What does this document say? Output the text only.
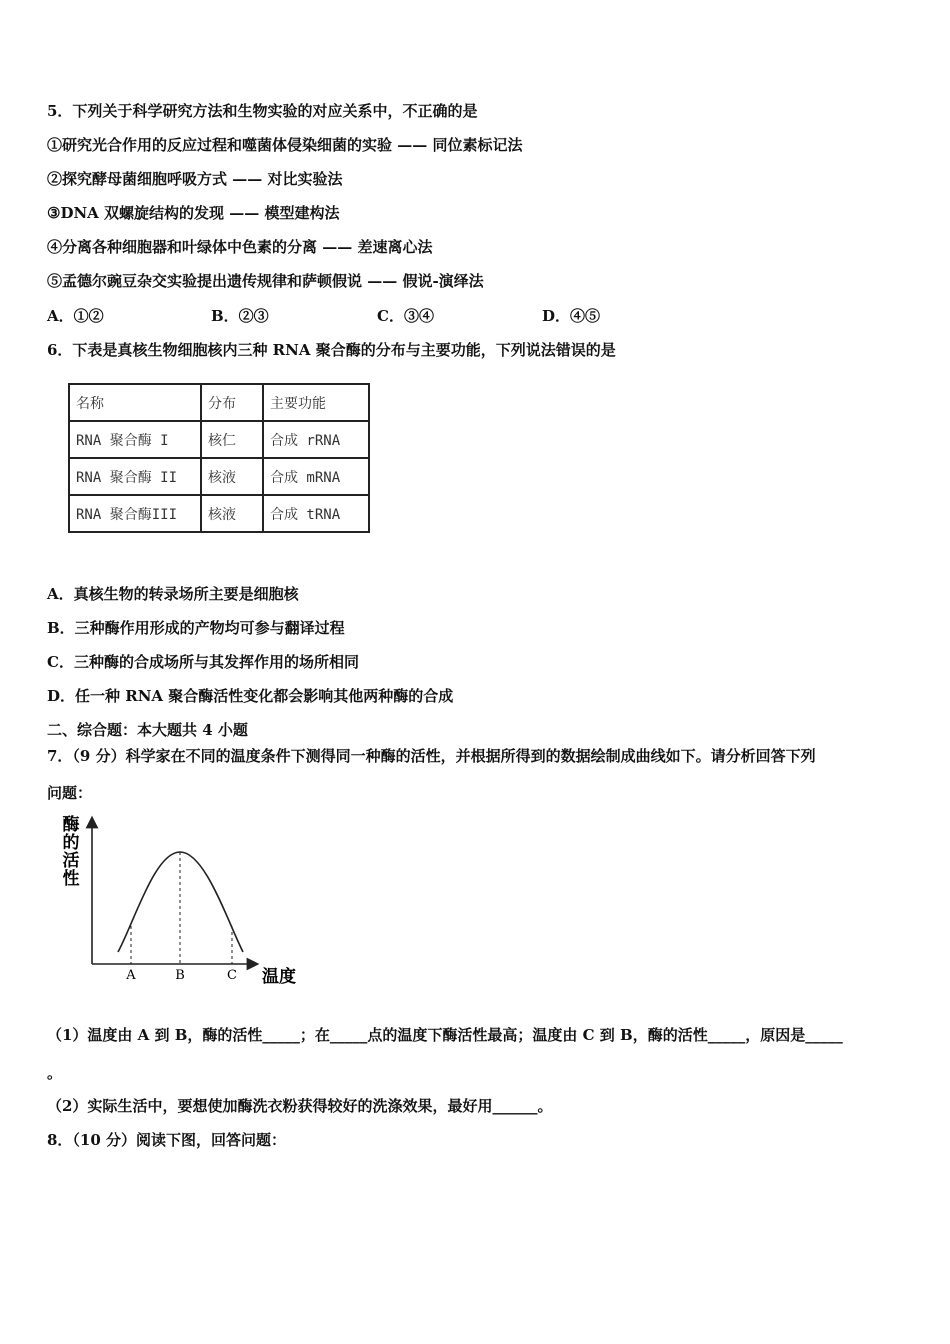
5．下列关于科学研究方法和生物实验的对应关系中，不正确的是
①研究光合作用的反应过程和噬菌体侵染细菌的实验 —— 同位素标记法
②探究酵母菌细胞呼吸方式 —— 对比实验法
③DNA 双螺旋结构的发现 —— 模型建构法
④分离各种细胞器和叶绿体中色素的分离 —— 差速离心法
⑤孟德尔豌豆杂交实验提出遗传规律和萨顿假说 —— 假说-演绎法
A．①②	B．②③	C．③④	D．④⑤
6．下表是真核生物细胞核内三种 RNA 聚合酶的分布与主要功能，下列说法错误的是
名称	分布	主要功能
RNA 聚合酶 I	核仁	合成 rRNA
RNA 聚合酶 II	核液	合成 mRNA
RNA 聚合酶III	核液	合成 tRNA
A．真核生物的转录场所主要是细胞核
B．三种酶作用形成的产物均可参与翻译过程
C．三种酶的合成场所与其发挥作用的场所相同
D．任一种 RNA 聚合酶活性变化都会影响其他两种酶的合成
二、综合题：本大题共 4 小题
7．（9 分）科学家在不同的温度条件下测得同一种酶的活性，并根据所得到的数据绘制成曲线如下。请分析回答下列
问题：
酶
的
活
性
A	B	C 温度
（1）温度由 A 到 B，酶的活性_____；在_____点的温度下酶活性最高；温度由 C 到 B，酶的活性_____，原因是_____
。
（2）实际生活中，要想使加酶洗衣粉获得较好的洗涤效果，最好用______。
8．（10 分）阅读下图，回答问题：
